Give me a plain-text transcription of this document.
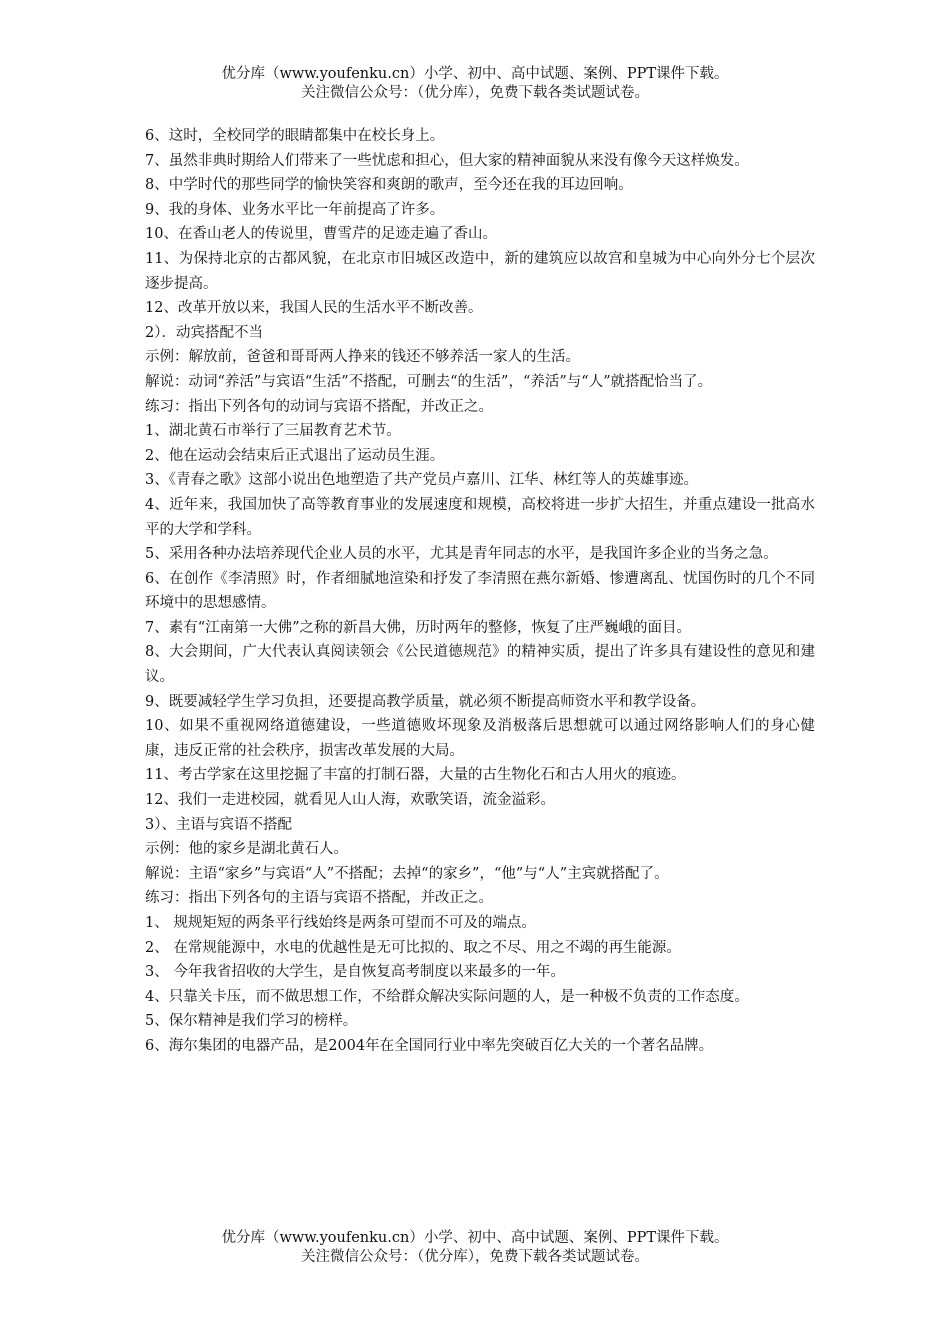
优分库（www.youfenku.cn）小学、初中、高中试题、案例、PPT课件下载。
关注微信公众号：（优分库），免费下载各类试题试卷。

6、这时，全校同学的眼睛都集中在校长身上。

7、虽然非典时期给人们带来了一些忧虑和担心，但大家的精神面貌从来没有像今天这样焕发。

8、中学时代的那些同学的愉快笑容和爽朗的歌声，至今还在我的耳边回响。

9、我的身体、业务水平比一年前提高了许多。

10、在香山老人的传说里，曹雪芹的足迹走遍了香山。

11、为保持北京的古都风貌，在北京市旧城区改造中，新的建筑应以故宫和皇城为中心向外分七个层次逐步提高。

12、改革开放以来，我国人民的生活水平不断改善。

2）．动宾搭配不当

示例：解放前，爸爸和哥哥两人挣来的钱还不够养活一家人的生活。

解说：动词“养活”与宾语“生活”不搭配，可删去“的生活”，“养活”与“人”就搭配恰当了。

练习：指出下列各句的动词与宾语不搭配，并改正之。

1、湖北黄石市举行了三届教育艺术节。

2、他在运动会结束后正式退出了运动员生涯。

3、《青春之歌》这部小说出色地塑造了共产党员卢嘉川、江华、林红等人的英雄事迹。

4、近年来，我国加快了高等教育事业的发展速度和规模，高校将进一步扩大招生，并重点建设一批高水平的大学和学科。

5、采用各种办法培养现代企业人员的水平，尤其是青年同志的水平，是我国许多企业的当务之急。

6、在创作《李清照》时，作者细腻地渲染和抒发了李清照在燕尔新婚、惨遭离乱、忧国伤时的几个不同环境中的思想感情。

7、素有“江南第一大佛”之称的新昌大佛，历时两年的整修，恢复了庄严巍峨的面目。

8、大会期间，广大代表认真阅读领会《公民道德规范》的精神实质，提出了许多具有建设性的意见和建议。

9、既要减轻学生学习负担，还要提高教学质量，就必须不断提高师资水平和教学设备。

10、如果不重视网络道德建设，一些道德败坏现象及消极落后思想就可以通过网络影响人们的身心健康，违反正常的社会秩序，损害改革发展的大局。

11、考古学家在这里挖掘了丰富的打制石器，大量的古生物化石和古人用火的痕迹。

12、我们一走进校园，就看见人山人海，欢歌笑语，流金溢彩。

3）、主语与宾语不搭配

示例：他的家乡是湖北黄石人。

解说：主语“家乡”与宾语“人”不搭配；去掉“的家乡”，“他”与“人”主宾就搭配了。

练习：指出下列各句的主语与宾语不搭配，并改正之。

1、 规规矩短的两条平行线始终是两条可望而不可及的端点。

2、 在常规能源中，水电的优越性是无可比拟的、取之不尽、用之不竭的再生能源。

3、 今年我省招收的大学生，是自恢复高考制度以来最多的一年。

4、只靠关卡压，而不做思想工作，不给群众解决实际问题的人，是一种极不负责的工作态度。

5、保尔精神是我们学习的榜样。

6、海尔集团的电器产品，是2004年在全国同行业中率先突破百亿大关的一个著名品牌。

优分库（www.youfenku.cn）小学、初中、高中试题、案例、PPT课件下载。
关注微信公众号：（优分库），免费下载各类试题试卷。
